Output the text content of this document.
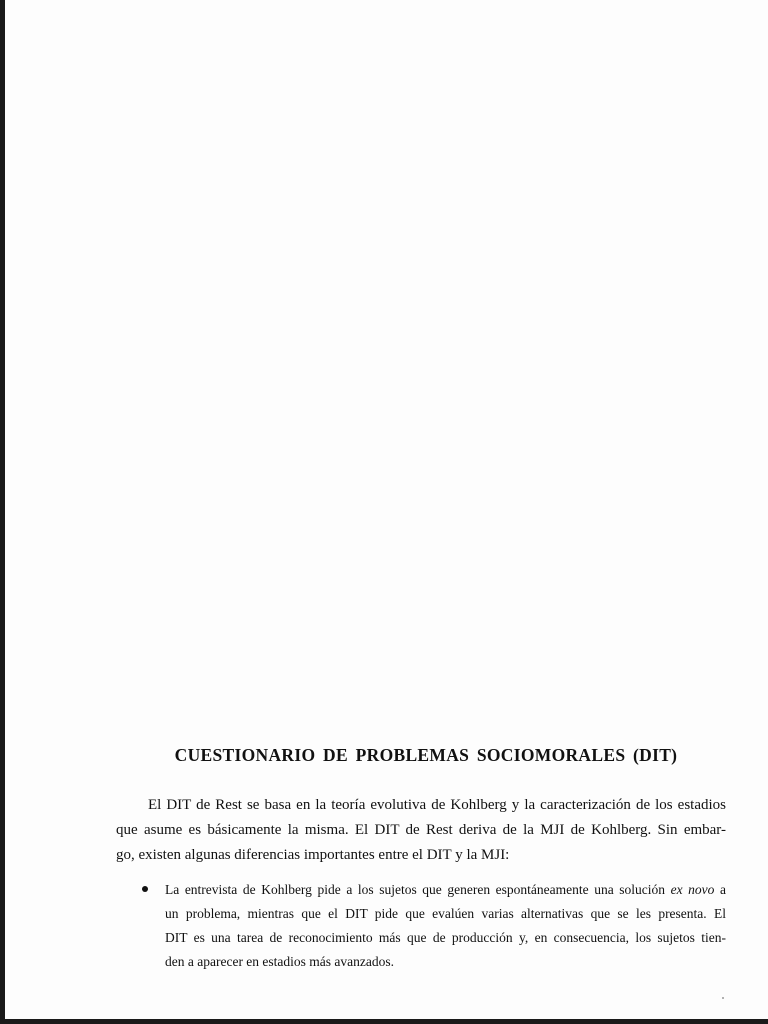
CUESTIONARIO DE PROBLEMAS SOCIOMORALES (DIT)
El DIT de Rest se basa en la teoría evolutiva de Kohlberg y la caracterización de los estadios
que asume es básicamente la misma. El DIT de Rest deriva de la MJI de Kohlberg. Sin embar-
go, existen algunas diferencias importantes entre el DIT y la MJI:
La entrevista de Kohlberg pide a los sujetos que generen espontáneamente una solución ex novo a
un problema, mientras que el DIT pide que evalúen varias alternativas que se les presenta. El
DIT es una tarea de reconocimiento más que de producción y, en consecuencia, los sujetos tien-
den a aparecer en estadios más avanzados.
